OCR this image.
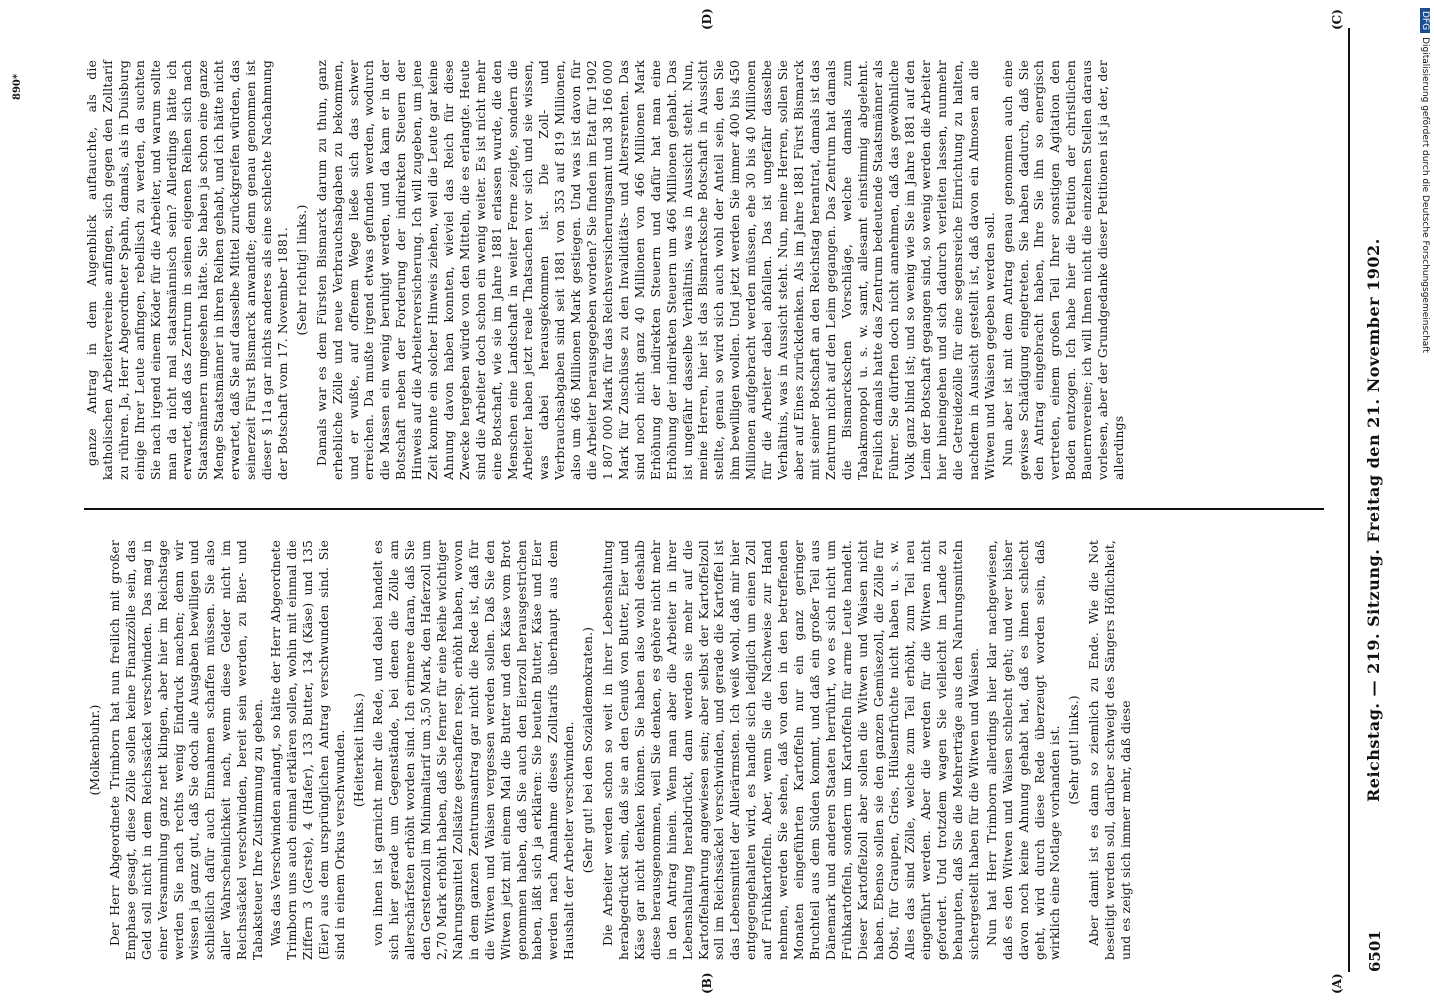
6501
Reichstag. — 219. Sitzung. Freitag den 21. November 1902.
(A)
(B)
(C)
(D)

(Molkenbuhr.) Der Herr Abgeordnete Trimborn hat nun freilich mit großer Emphase gesagt, diese Zölle sollen keine Finanzzölle sein, das Geld soll nicht in dem Reichssäckel verschwinden. Das mag in einer Versammlung ganz nett klingen, aber hier im Reichstage werden Sie nach rechts wenig Eindruck machen; denn wir wissen ja ganz gut, daß Sie doch alle Ausgaben bewilligen und schließlich dafür auch Einnahmen schaffen müssen. Sie also aller Wahrscheinlichkeit nach, wenn diese Gelder nicht im Reichssäckel verschwinden, bereit sein werden, zu Bier- und Tabaksteuer Ihre Zustimmung zu geben. Was das Verschwinden anlangt, so hätte der Herr Abgeordnete Trimborn uns auch einmal erklären sollen, wohin mit einmal die Ziffern 3 (Gerste), 4 (Hafer), 133 Butter, 134 (Käse) und 135 (Eier) aus dem ursprünglichen Antrag verschwunden sind. Sie sind in einem Orkus verschwunden. (Heiterkeit links.) von ihnen ist garnicht mehr die Rede, und dabei handelt es sich hier gerade um Gegenstände, bei denen die Zölle am allerschärfsten erhöht worden sind. Ich erinnere daran, daß Sie den Gerstenzoll im Minimaltarif um 3,50 Mark, den Haferzoll um 2,70 Mark erhöht haben, daß Sie ferner für eine Reihe wichtiger Nahrungsmittel Zollsätze geschaffen resp. erhöht haben, wovon in dem ganzen Zentrumsantrag gar nicht die Rede ist, daß für die Witwen und Waisen vergessen werden sollen. Daß Sie den Witwen jetzt mit einem Mal die Butter und den Käse vom Brot genommen haben, daß Sie auch den Eierzoll herausgestrichen haben, läßt sich ja erklären: Sie beuteln Butter, Käse und Eier werden nach Annahme dieses Zolltarifs überhaupt aus dem Haushalt der Arbeiter verschwinden. (Sehr gut! bei den Sozialdemokraten.) Die Arbeiter werden schon so weit in ihrer Lebenshaltung herabgedrückt sein, daß sie an den Genuß von Butter, Eier und Käse gar nicht denken können. Sie haben also wohl deshalb diese herausgenommen, weil Sie denken, es gehöre nicht mehr in den Antrag hinein. Wenn man aber die Arbeiter in ihrer Lebenshaltung herabdrückt, dann werden sie mehr auf die Kartoffelnahrung angewiesen sein; aber selbst der Kartoffelzoll soll im Reichssäckel verschwinden, und gerade die Kartoffel ist das Lebensmittel der Allerärmsten. Ich weiß wohl, daß mir hier entgegengehalten wird, es handle sich lediglich um einen Zoll auf Frühkartoffeln. Aber, wenn Sie die Nachweise zur Hand nehmen, werden Sie sehen, daß von den in den betreffenden Monaten eingeführten Kartoffeln nur ein ganz geringer Bruchteil aus dem Süden kommt, und daß ein großer Teil aus Dänemark und anderen Staaten herrührt, wo es sich nicht um Frühkartoffeln, sondern um Kartoffeln für arme Leute handelt. Dieser Kartoffelzoll aber sollen die Witwen und Waisen nicht haben. Ebenso sollen sie den ganzen Gemüsezoll, die Zölle für Obst, für Graupen, Gries, Hülsenfrüchte nicht haben u. s. w. Alles das sind Zölle, welche zum Teil erhöht, zum Teil neu eingeführt werden. Aber die werden für die Witwen nicht gefordert. Und trotzdem wagen Sie vielleicht im Lande zu behaupten, daß Sie die Mehrerträge aus den Nahrungsmitteln sichergestellt haben für die Witwen und Waisen. Nun hat Herr Trimborn allerdings hier klar nachgewiesen, daß es den Witwen und Waisen schlecht geht; und wer bisher davon noch keine Ahnung gehabt hat, daß es ihnen schlecht geht, wird durch diese Rede überzeugt worden sein, daß wirklich eine Notlage vorhanden ist. (Sehr gut! links.) Aber damit ist es dann so ziemlich zu Ende. Wie die Not beseitigt werden soll, darüber schweigt des Sängers Höflichkeit, und es zeigt sich immer mehr, daß diese

ganze Antrag in dem Augenblick auftauchte, als die katholischen Arbeitervereine anfingen, sich gegen den Zolltarif zu rühren. Ja, Herr Abgeordneter Spahn, damals, als in Duisburg einige Ihrer Leute anfingen, rebellisch zu werden, da suchten Sie nach irgend einem Köder für die Arbeiter, und warum sollte man da nicht mal staatsmännisch sein? Allerdings hätte ich erwartet, daß das Zentrum in seinen eigenen Reihen sich nach Staatsmännern umgesehen hätte. Sie haben ja schon eine ganze Menge Staatsmänner in ihren Reihen gehabt, und ich hätte nicht erwartet, daß Sie auf dasselbe Mittel zurückgreifen würden, das seinerzeit Fürst Bismarck anwandte; denn genau genommen ist dieser § 11a gar nichts anderes als eine schlechte Nachahmung der Botschaft vom 17. November 1881. (Sehr richtig! links.) Damals war es dem Fürsten Bismarck darum zu thun, ganz erhebliche Zölle und neue Verbrauchsabgaben zu bekommen, und er wußte, auf offenem Wege ließe sich das schwer erreichen. Da mußte irgend etwas gefunden werden, wodurch die Massen ein wenig beruhigt werden, und da kam er in der Botschaft neben der Forderung der indirekten Steuern der Hinweis auf die Arbeiterversicherung. Ich will zugeben, um jene Zeit konnte ein solcher Hinweis ziehen, weil die Leute gar keine Ahnung davon haben konnten, wieviel das Reich für diese Zwecke hergeben würde von den Mitteln, die es erlangte. Heute sind die Arbeiter doch schon ein wenig weiter. Es ist nicht mehr eine Botschaft, wie sie im Jahre 1881 erlassen wurde, die den Menschen eine Landschaft in weiter Ferne zeigte, sondern die Arbeiter haben jetzt reale Thatsachen vor sich und sie wissen, was dabei herausgekommen ist. Die Zoll- und Verbrauchsabgaben sind seit 1881 von 353 auf 819 Millionen, also um 466 Millionen Mark gestiegen. Und was ist davon für die Arbeiter herausgegeben worden? Sie finden im Etat für 1902 1 807 000 Mark für das Reichsversicherungsamt und 38 166 000 Mark für Zuschüsse zu den Invaliditäts- und Altersrenten. Das sind noch nicht ganz 40 Millionen von 466 Millionen Mark Erhöhung der indirekten Steuern und dafür hat man eine Erhöhung der indirekten Steuern um 466 Millionen gehabt. Das ist ungefähr dasselbe Verhältnis, was in Aussicht steht. Nun, meine Herren, hier ist das Bismarcksche Botschaft in Aussicht stellte, genau so wird sich auch wohl der Anteil sein, den Sie ihm bewilligen wollen. Und jetzt werden Sie immer 400 bis 450 Millionen aufgebracht werden müssen, ehe 30 bis 40 Millionen für die Arbeiter dabei abfallen. Das ist ungefähr dasselbe Verhältnis, was in Aussicht steht. Nun, meine Herren, sollen Sie aber auf Eines zurückdenken. Als im Jahre 1881 Fürst Bismarck mit seiner Botschaft an den Reichstag herantrat, damals ist das Zentrum nicht auf den Leim gegangen. Das Zentrum hat damals die Bismarckschen Vorschläge, welche damals zum Tabakmonopol u. s. w. samt, allesamt einstimmig abgelehnt. Freilich damals hatte das Zentrum bedeutende Staatsmänner als Führer. Sie dürften doch nicht annehmen, daß das gewöhnliche Volk ganz blind ist; und so wenig wie Sie im Jahre 1881 auf den Leim der Botschaft gegangen sind, so wenig werden die Arbeiter hier hineingehen und sich dadurch verleiten lassen, nunmehr die Getreidezölle für eine segensreiche Einrichtung zu halten, nachdem in Aussicht gestellt ist, daß davon ein Almosen an die Witwen und Waisen gegeben werden soll. Nun aber ist mit dem Antrag genau genommen auch eine gewisse Schädigung eingetreten. Sie haben dadurch, daß Sie den Antrag eingebracht haben, Ihre Sie ihn so energisch vertreten, einem großen Teil Ihrer sonstigen Agitation den Boden entzogen. Ich habe hier die Petition der christlichen Bauernvereine; ich will Ihnen nicht die einzelnen Stellen daraus vorlesen, aber der Grundgedanke dieser Petitionen ist ja der, der allerdings

890*
DFGDigitalisierung gefördert durch die Deutsche Forschungsgemeinschaft
